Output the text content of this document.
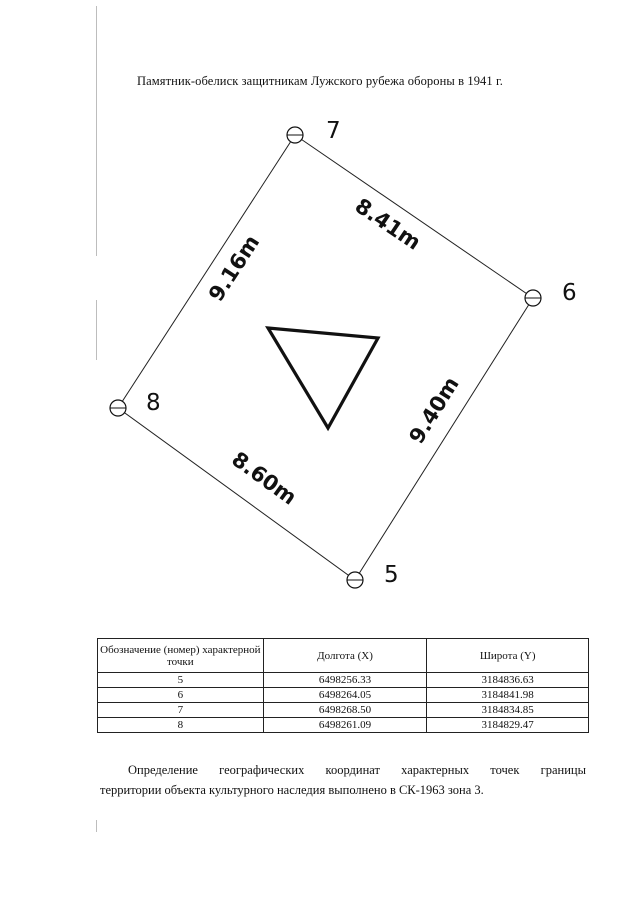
Памятник-обелиск защитникам Лужского рубежа обороны в 1941 г.
7
6
5
8
8.41m
9.40m
8.60m
9.16m
Обозначение (номер) характерной точки	Долгота (X)	Широта (Y)
5	6498256.33	3184836.63
6	6498264.05	3184841.98
7	6498268.50	3184834.85
8	6498261.09	3184829.47
Определение географических координат характерных точек границы
территории объекта культурного наследия выполнено в СК-1963 зона 3.
